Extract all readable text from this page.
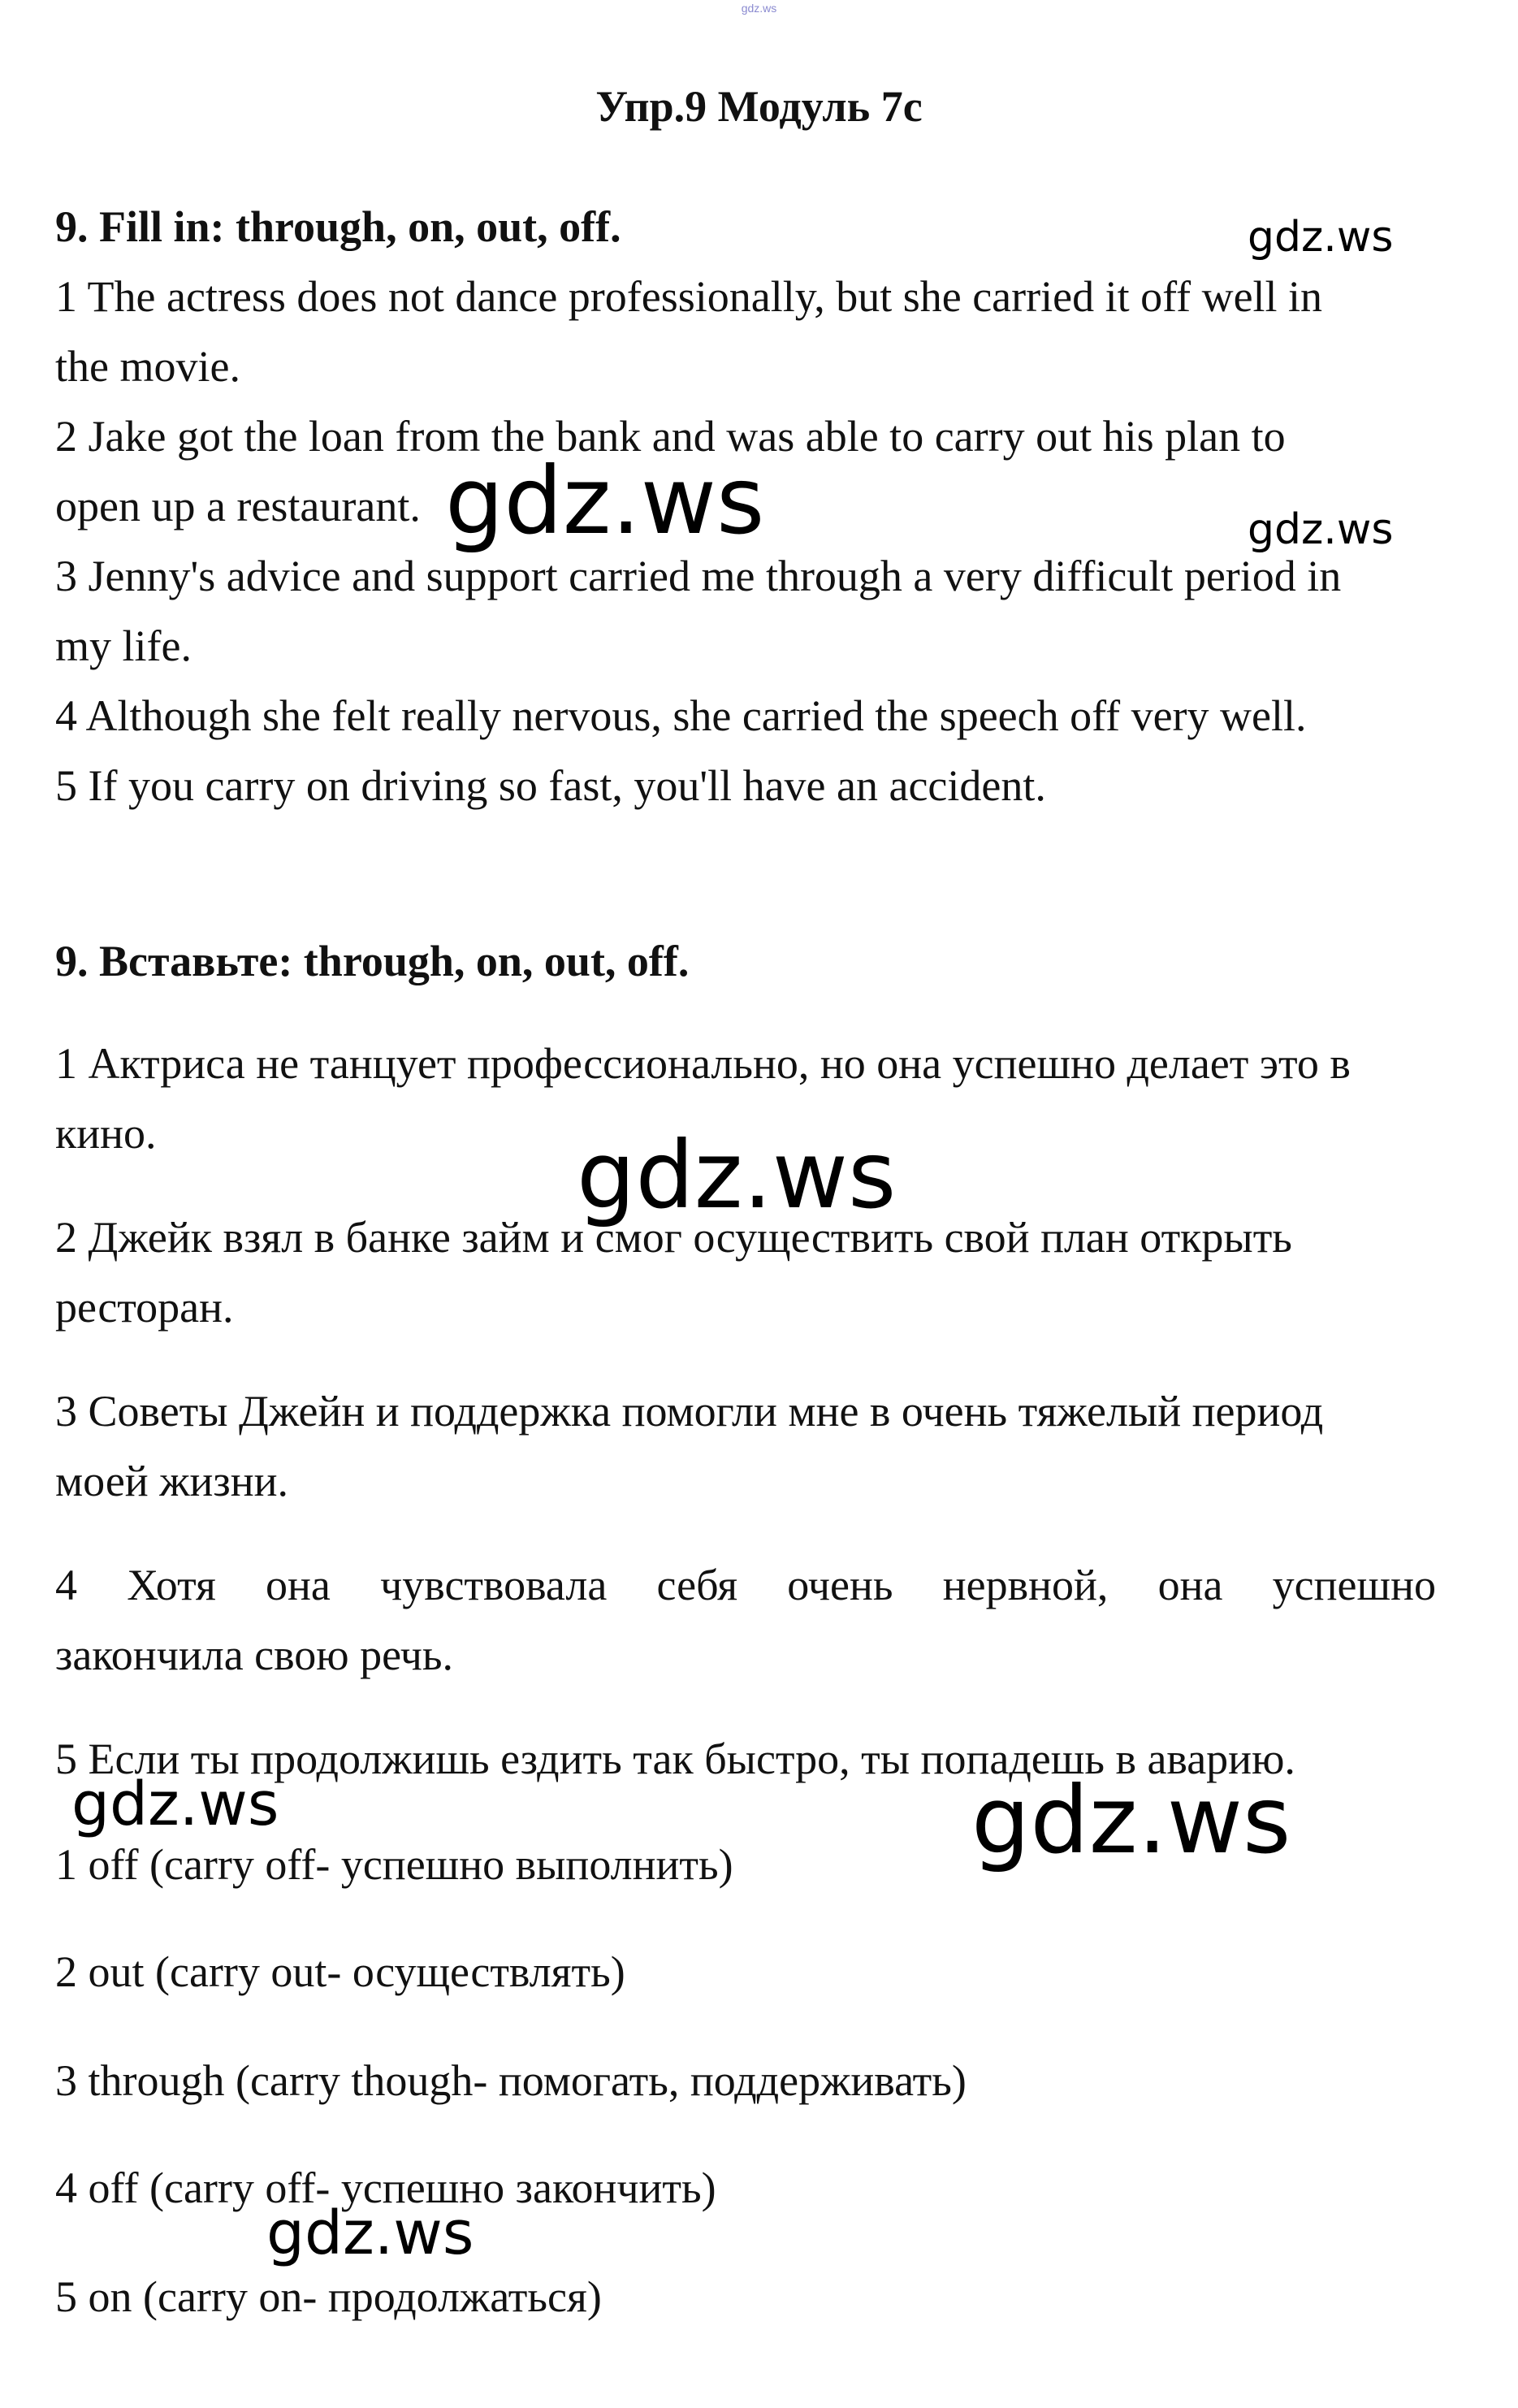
gdz.ws
Упр.9 Модуль 7с
9. Fill in: through, on, out, off.
1 The actress does not dance professionally, but she carried it off well in
the movie.
2 Jake got the loan from the bank and was able to carry out his plan to
open up a restaurant.
3 Jenny's advice and support carried me through a very difficult period in
my life.
4 Although she felt really nervous, she carried the speech off very well.
5 If you carry on driving so fast, you'll have an accident.
9. Вставьте: through, on, out, off.
1 Актриса не танцует профессионально, но она успешно делает это в
кино.
2 Джейк взял в банке займ и смог осуществить свой план открыть
ресторан.
3 Советы Джейн и поддержка помогли мне в очень тяжелый период
моей жизни.
4 Хотя она чувствовала себя очень нервной, она успешно
закончила свою речь.
5 Если ты продолжишь ездить так быстро, ты попадешь в аварию.
1 off (carry off- успешно выполнить)
2 out (carry out- осуществлять)
3 through (carry though- помогать, поддерживать)
4 off (carry off- успешно закончить)
5 on (carry on- продолжаться)
gdz.ws
gdz.ws	gdz.ws
gdz.ws
gdz.ws	gdz.ws
gdz.ws
